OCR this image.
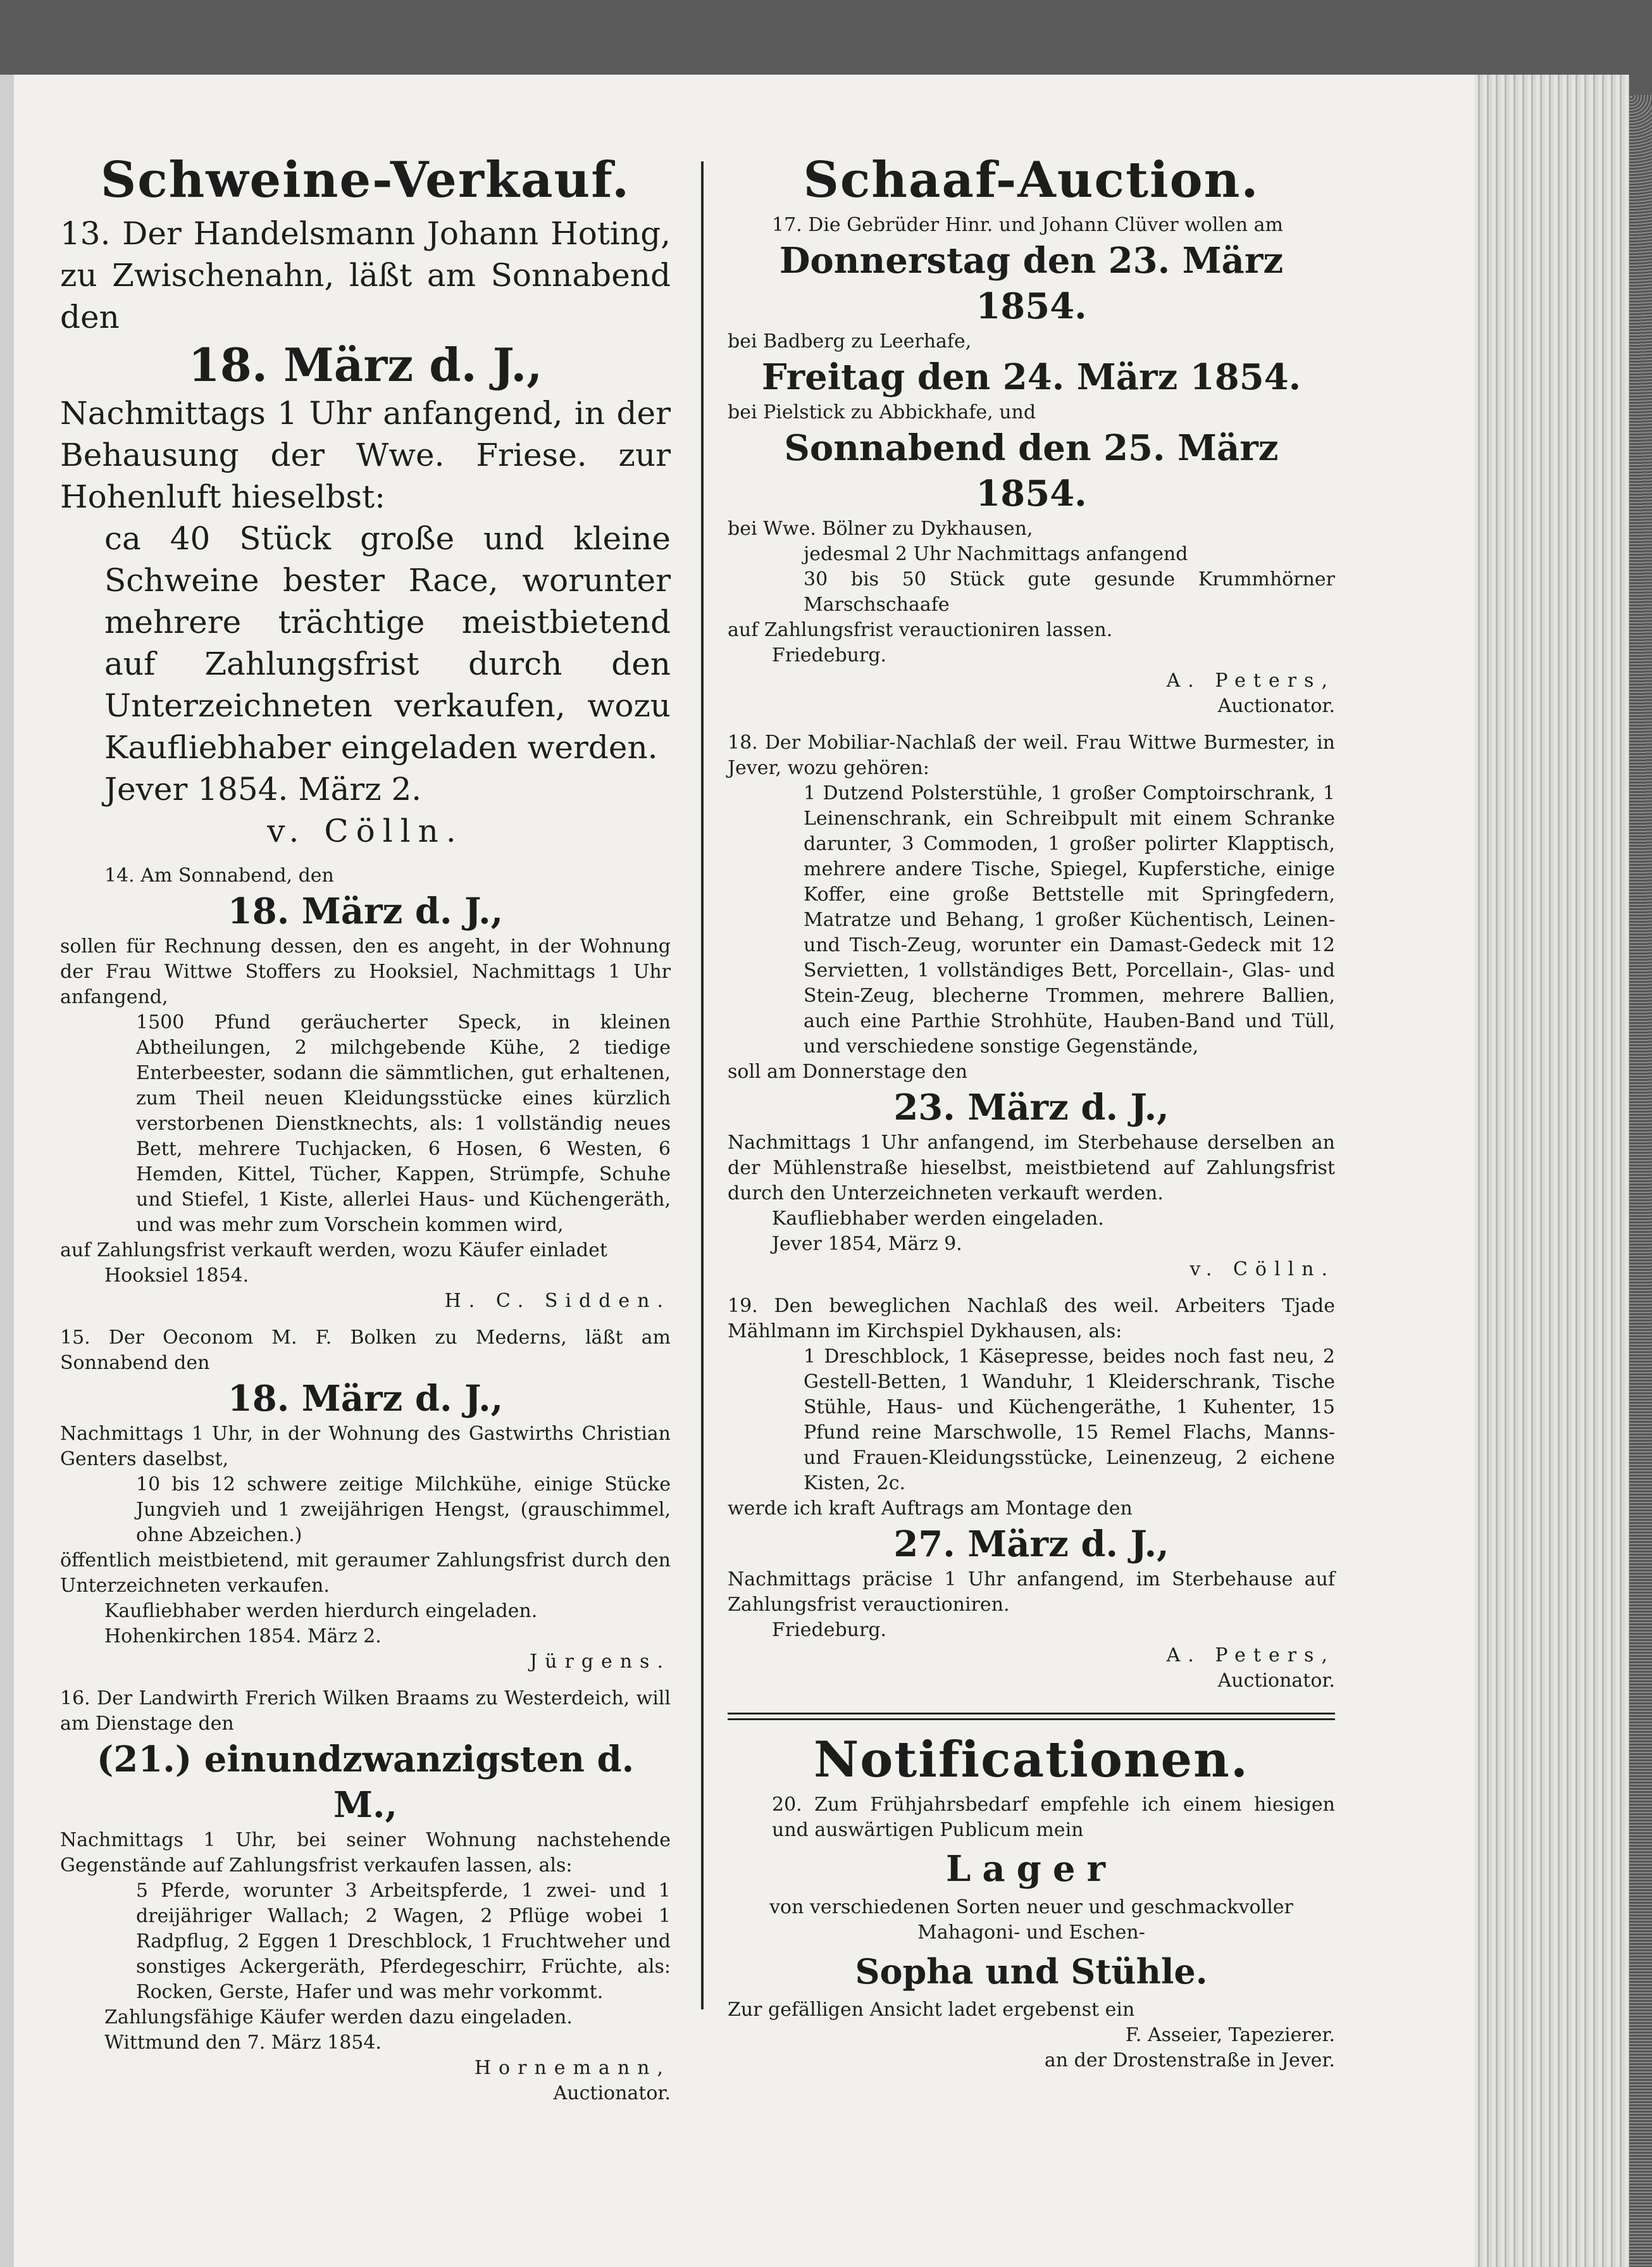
Schweine-Verkauf.

13. Der Handelsmann Johann Hoting, zu Zwischenahn, läßt am Sonnabend den

18. März d. J.,

Nachmittags 1 Uhr anfangend, in der Behausung der Wwe. Friese. zur Hohenluft hieselbst:

ca 40 Stück große und kleine Schweine bester Race, worunter mehrere trächtige meistbietend auf Zahlungsfrist durch den Unterzeichneten verkaufen, wozu Kaufliebhaber eingeladen werden.

Jever 1854. März 2.

v. Cölln.

14. Am Sonnabend, den

18. März d. J.,

sollen für Rechnung dessen, den es angeht, in der Wohnung der Frau Wittwe Stoffers zu Hooksiel, Nachmittags 1 Uhr anfangend,

1500 Pfund geräucherter Speck, in kleinen Abtheilungen, 2 milchgebende Kühe, 2 tiedige Enterbeester, sodann die sämmtlichen, gut erhaltenen, zum Theil neuen Kleidungsstücke eines kürzlich verstorbenen Dienstknechts, als: 1 vollständig neues Bett, mehrere Tuchjacken, 6 Hosen, 6 Westen, 6 Hemden, Kittel, Tücher, Kappen, Strümpfe, Schuhe und Stiefel, 1 Kiste, allerlei Haus- und Küchengeräth, und was mehr zum Vorschein kommen wird,

auf Zahlungsfrist verkauft werden, wozu Käufer einladet

Hooksiel 1854.

H. C. Sidden.

15. Der Oeconom M. F. Bolken zu Mederns, läßt am Sonnabend den

18. März d. J.,

Nachmittags 1 Uhr, in der Wohnung des Gastwirths Christian Genters daselbst,

10 bis 12 schwere zeitige Milchkühe, einige Stücke Jungvieh und 1 zweijährigen Hengst, (grauschimmel, ohne Abzeichen.)

öffentlich meistbietend, mit geraumer Zahlungsfrist durch den Unterzeichneten verkaufen.

Kaufliebhaber werden hierdurch eingeladen.

Hohenkirchen 1854. März 2.

Jürgens.

16. Der Landwirth Frerich Wilken Braams zu Westerdeich, will am Dienstage den

(21.) einundzwanzigsten d. M.,

Nachmittags 1 Uhr, bei seiner Wohnung nachstehende Gegenstände auf Zahlungsfrist verkaufen lassen, als:

5 Pferde, worunter 3 Arbeitspferde, 1 zwei- und 1 dreijähriger Wallach; 2 Wagen, 2 Pflüge wobei 1 Radpflug, 2 Eggen 1 Dreschblock, 1 Fruchtweher und sonstiges Ackergeräth, Pferdegeschirr, Früchte, als: Rocken, Gerste, Hafer und was mehr vorkommt.

Zahlungsfähige Käufer werden dazu eingeladen.

Wittmund den 7. März 1854.

Hornemann,

Auctionator.

Schaaf-Auction.

17. Die Gebrüder Hinr. und Johann Clüver wollen am

Donnerstag den 23. März 1854.

bei Badberg zu Leerhafe,

Freitag den 24. März 1854.

bei Pielstick zu Abbickhafe, und

Sonnabend den 25. März 1854.

bei Wwe. Bölner zu Dykhausen,

jedesmal 2 Uhr Nachmittags anfangend

30 bis 50 Stück gute gesunde Krummhörner Marschschaafe

auf Zahlungsfrist verauctioniren lassen.

Friedeburg.

A. Peters,

Auctionator.

18. Der Mobiliar-Nachlaß der weil. Frau Wittwe Burmester, in Jever, wozu gehören:

1 Dutzend Polsterstühle, 1 großer Comptoirschrank, 1 Leinenschrank, ein Schreibpult mit einem Schranke darunter, 3 Commoden, 1 großer polirter Klapptisch, mehrere andere Tische, Spiegel, Kupferstiche, einige Koffer, eine große Bettstelle mit Springfedern, Matratze und Behang, 1 großer Küchentisch, Leinen- und Tisch-Zeug, worunter ein Damast-Gedeck mit 12 Servietten, 1 vollständiges Bett, Porcellain-, Glas- und Stein-Zeug, blecherne Trommen, mehrere Ballien, auch eine Parthie Strohhüte, Hauben-Band und Tüll, und verschiedene sonstige Gegenstände,

soll am Donnerstage den

23. März d. J.,

Nachmittags 1 Uhr anfangend, im Sterbehause derselben an der Mühlenstraße hieselbst, meistbietend auf Zahlungsfrist durch den Unterzeichneten verkauft werden.

Kaufliebhaber werden eingeladen.

Jever 1854, März 9.

v. Cölln.

19. Den beweglichen Nachlaß des weil. Arbeiters Tjade Mählmann im Kirchspiel Dykhausen, als:

1 Dreschblock, 1 Käsepresse, beides noch fast neu, 2 Gestell-Betten, 1 Wanduhr, 1 Kleiderschrank, Tische Stühle, Haus- und Küchengeräthe, 1 Kuhenter, 15 Pfund reine Marschwolle, 15 Remel Flachs, Manns- und Frauen-Kleidungsstücke, Leinenzeug, 2 eichene Kisten, 2c.

werde ich kraft Auftrags am Montage den

27. März d. J.,

Nachmittags präcise 1 Uhr anfangend, im Sterbehause auf Zahlungsfrist verauctioniren.

Friedeburg.

A. Peters,

Auctionator.

Notificationen.

20. Zum Frühjahrsbedarf empfehle ich einem hiesigen und auswärtigen Publicum mein

Lager

von verschiedenen Sorten neuer und geschmackvoller Mahagoni- und Eschen-

Sopha und Stühle.

Zur gefälligen Ansicht ladet ergebenst ein

F. Asseier, Tapezierer.

an der Drostenstraße in Jever.
